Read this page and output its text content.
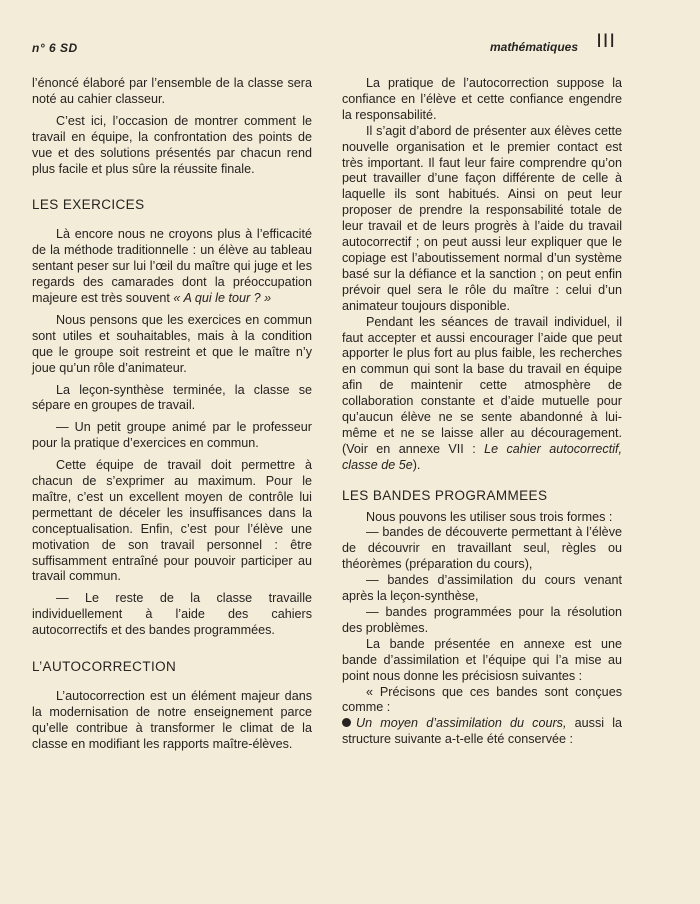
n° 6 SD	mathématiques III

l’énoncé élaboré par l’ensemble de la classe sera noté au cahier classeur.

C’est ici, l’occasion de montrer comment le travail en équipe, la confrontation des points de vue et des solutions présentés par chacun rend plus facile et plus sûre la réussite finale.

LES EXERCICES

Là encore nous ne croyons plus à l’efficacité de la méthode traditionnelle : un élève au tableau sentant peser sur lui l’œil du maître qui juge et les regards des camarades dont la préoccupation majeure est très souvent « A qui le tour ? »

Nous pensons que les exercices en commun sont utiles et souhaitables, mais à la condition que le groupe soit restreint et que le maître n’y joue qu’un rôle d’animateur.

La leçon-synthèse terminée, la classe se sépare en groupes de travail.

— Un petit groupe animé par le professeur pour la pratique d’exercices en commun.

Cette équipe de travail doit permettre à chacun de s’exprimer au maximum. Pour le maître, c’est un excellent moyen de contrôle lui permettant de déceler les insuffisances dans la conceptualisation. Enfin, c’est pour l’élève une motivation de son travail personnel : être suffisamment entraîné pour pouvoir participer au travail commun.

— Le reste de la classe travaille individuellement à l’aide des cahiers autocorrectifs et des bandes programmées.

L’AUTOCORRECTION

L’autocorrection est un élément majeur dans la modernisation de notre enseignement parce qu’elle contribue à transformer le climat de la classe en modifiant les rapports maître-élèves.

La pratique de l’autocorrection suppose la confiance en l’élève et cette confiance engendre la responsabilité.

Il s’agit d’abord de présenter aux élèves cette nouvelle organisation et le premier contact est très important. Il faut leur faire comprendre qu’on peut travailler d’une façon différente de celle à laquelle ils sont habitués. Ainsi on peut leur proposer de prendre la responsabilité totale de leur travail et de leurs progrès à l’aide du travail autocorrectif ; on peut aussi leur expliquer que le copiage est l’aboutissement normal d’un système basé sur la défiance et la sanction ; on peut enfin prévoir quel sera le rôle du maître : celui d’un animateur toujours disponible.

Pendant les séances de travail individuel, il faut accepter et aussi encourager l’aide que peut apporter le plus fort au plus faible, les recherches en commun qui sont la base du travail en équipe afin de maintenir cette atmosphère de collaboration constante et d’aide mutuelle pour qu’aucun élève ne se sente abandonné à lui-même et ne se laisse aller au découragement. (Voir en annexe VII : Le cahier autocorrectif, classe de 5e).

LES BANDES PROGRAMMEES

Nous pouvons les utiliser sous trois formes :

— bandes de découverte permettant à l’élève de découvrir en travaillant seul, règles ou théorèmes (préparation du cours),

— bandes d’assimilation du cours venant après la leçon-synthèse,

— bandes programmées pour la résolution des problèmes.

La bande présentée en annexe est une bande d’assimilation et l’équipe qui l’a mise au point nous donne les précisiosn suivantes :

« Précisons que ces bandes sont conçues comme :

Un moyen d’assimilation du cours, aussi la structure suivante a-t-elle été conservée :
